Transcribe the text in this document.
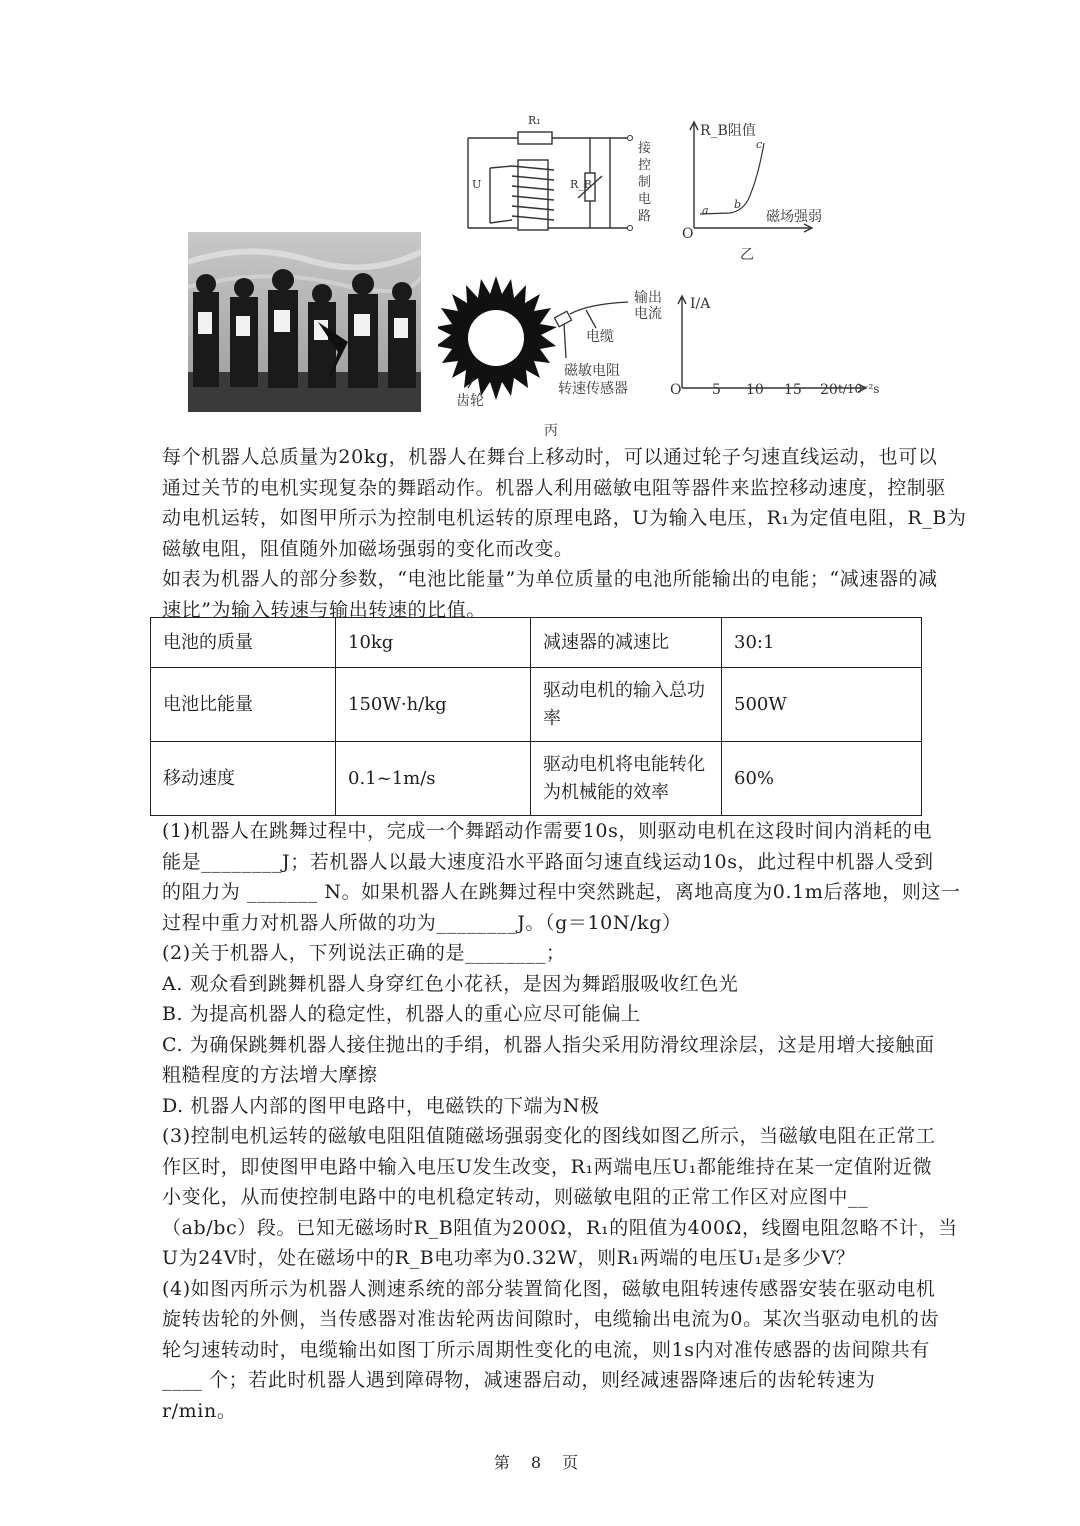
R₁
R_B
U
接控制电路
R_B阻值
磁场强弱
O
a b
c
乙
齿轮
电缆
输出电流
磁敏电阻
转速传感器
丙
I/A
O 5 10 15 20 t/10⁻²s
每个机器人总质量为20kg，机器人在舞台上移动时，可以通过轮子匀速直线运动，也可以
通过关节的电机实现复杂的舞蹈动作。机器人利用磁敏电阻等器件来监控移动速度，控制驱
动电机运转，如图甲所示为控制电机运转的原理电路，U为输入电压，R₁为定值电阻，R_B为
磁敏电阻，阻值随外加磁场强弱的变化而改变。
如表为机器人的部分参数，“电池比能量”为单位质量的电池所能输出的电能；“减速器的减
速比”为输入转速与输出转速的比值。
电池的质量	10kg	减速器的减速比	30:1
电池比能量	150W·h/kg	驱动电机的输入总功率	500W
移动速度	0.1~1m/s	驱动电机将电能转化为机械能的效率	60%
(1)机器人在跳舞过程中，完成一个舞蹈动作需要10s，则驱动电机在这段时间内消耗的电
能是________J；若机器人以最大速度沿水平路面匀速直线运动10s，此过程中机器人受到
的阻力为 _______ N。如果机器人在跳舞过程中突然跳起，离地高度为0.1m后落地，则这一
过程中重力对机器人所做的功为________J。（g＝10N/kg）
(2)关于机器人，下列说法正确的是________；
A. 观众看到跳舞机器人身穿红色小花袄，是因为舞蹈服吸收红色光
B. 为提高机器人的稳定性，机器人的重心应尽可能偏上
C. 为确保跳舞机器人接住抛出的手绢，机器人指尖采用防滑纹理涂层，这是用增大接触面
粗糙程度的方法增大摩擦
D. 机器人内部的图甲电路中，电磁铁的下端为N极
(3)控制电机运转的磁敏电阻阻值随磁场强弱变化的图线如图乙所示，当磁敏电阻在正常工
作区时，即使图甲电路中输入电压U发生改变，R₁两端电压U₁都能维持在某一定值附近微
小变化，从而使控制电路中的电机稳定转动，则磁敏电阻的正常工作区对应图中__
（ab/bc）段。已知无磁场时R_B阻值为200Ω，R₁的阻值为400Ω，线圈电阻忽略不计，当
U为24V时，处在磁场中的R_B电功率为0.32W，则R₁两端的电压U₁是多少V？
(4)如图丙所示为机器人测速系统的部分装置简化图，磁敏电阻转速传感器安装在驱动电机
旋转齿轮的外侧，当传感器对准齿轮两齿间隙时，电缆输出电流为0。某次当驱动电机的齿
轮匀速转动时，电缆输出如图丁所示周期性变化的电流，则1s内对准传感器的齿间隙共有
____ 个；若此时机器人遇到障碍物，减速器启动，则经减速器降速后的齿轮转速为
r/min。
第 8 页
